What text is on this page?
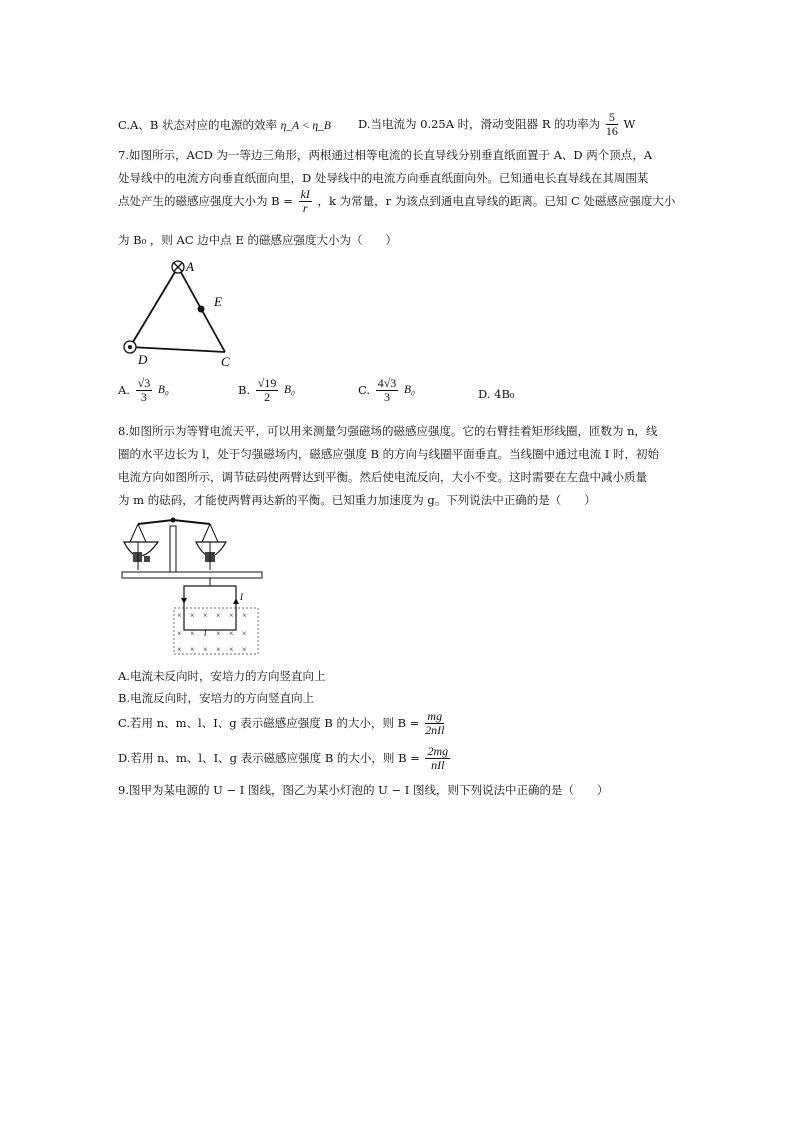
C.A、B 状态对应的电源的效率 η_A < η_B D.当电流为 0.25A 时，滑动变阻器 R 的功率为 $\frac{5}{16}$ W
7.如图所示，ACD 为一等边三角形，两根通过相等电流的长直导线分别垂直纸面置于 A、D 两个顶点，A
处导线中的电流方向垂直纸面向里，D 处导线中的电流方向垂直纸面向外。已知通电长直导线在其周围某
点处产生的磁感应强度大小为 $B = \frac{kI}{r}$ ，k 为常量，r 为该点到通电直导线的距离。已知 C 处磁感应强度大小
为 B₀ ，则 AC 边中点 E 的磁感应强度大小为（　　）
A
E
D	C
A. $\frac{√3}{3} B_0$	B. $\frac{√19}{2} B_0$	C. $\frac{4√3}{3} B_0$	D. 4B₀
8.如图所示为等臂电流天平，可以用来测量匀强磁场的磁感应强度。它的右臂挂着矩形线圈，匝数为 n，线
圈的水平边长为 l，处于匀强磁场内，磁感应强度 B 的方向与线圈平面垂直。当线圈中通过电流 I 时，初始
电流方向如图所示，调节砝码使两臂达到平衡。然后使电流反向，大小不变。这时需要在左盘中减小质量
为 m 的砝码，才能使两臂再达新的平衡。已知重力加速度为 g。下列说法中正确的是（　　）
× × × × × ×
× ×	× × ×
× × × × × ×
I
l
A.电流未反向时，安培力的方向竖直向上
B.电流反向时，安培力的方向竖直向上
C.若用 n、m、l、I、g 表示磁感应强度 B 的大小，则 $B = \frac{mg}{\text{2nIl}}$
D.若用 n、m、l、I、g 表示磁感应强度 B 的大小，则 $B = \frac{2mg}{\text{nIl}}$
9.图甲为某电源的 U − I 图线，图乙为某小灯泡的 U − I 图线，则下列说法中正确的是（　　）
